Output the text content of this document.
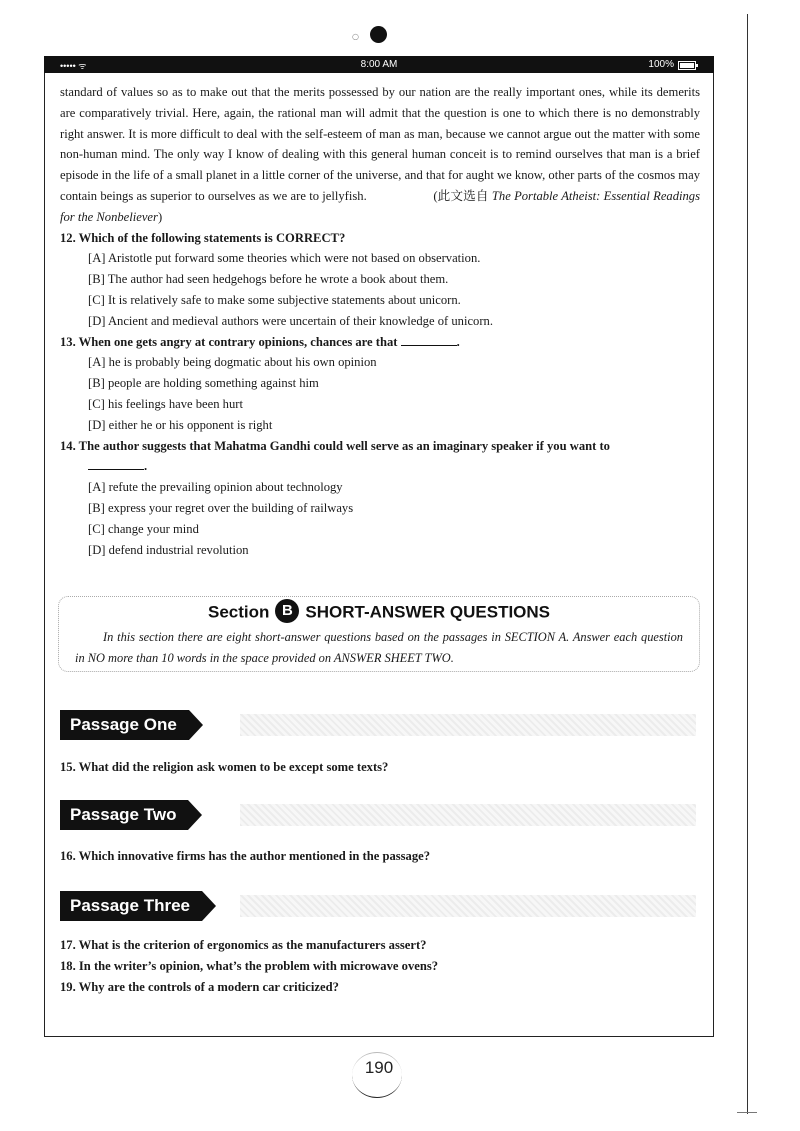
○
••••• ᯤ	8:00 AM	100%

standard of values so as to make out that the merits possessed by our nation are the really important ones, while its demerits are comparatively trivial. Here, again, the rational man will admit that the question is one to which there is no demonstrably right answer. It is more difficult to deal with the self-esteem of man as man, because we cannot argue out the matter with some non-human mind. The only way I know of dealing with this general human conceit is to remind ourselves that man is a brief episode in the life of a small planet in a little corner of the universe, and that for aught we know, other parts of the cosmos may contain beings as superior to ourselves as we are to jellyfish.	(此文选自 The Portable Atheist: Essential Readings for the Nonbeliever)

12. Which of the following statements is CORRECT?
[A] Aristotle put forward some theories which were not based on observation.
[B] The author had seen hedgehogs before he wrote a book about them.
[C] It is relatively safe to make some subjective statements about unicorn.
[D] Ancient and medieval authors were uncertain of their knowledge of unicorn.
13. When one gets angry at contrary opinions, chances are that	.
[A] he is probably being dogmatic about his own opinion
[B] people are holding something against him
[C] his feelings have been hurt
[D] either he or his opponent is right
14. The author suggests that Mahatma Gandhi could well serve as an imaginary speaker if you want to
.
[A] refute the prevailing opinion about technology
[B] express your regret over the building of railways
[C] change your mind
[D] defend industrial revolution
Section B SHORT-ANSWER QUESTIONS
In this section there are eight short-answer questions based on the passages in SECTION A. Answer each question in NO more than 10 words in the space provided on ANSWER SHEET TWO.
Passage One
15. What did the religion ask women to be except some texts?
Passage Two
16. Which innovative firms has the author mentioned in the passage?
Passage Three
17. What is the criterion of ergonomics as the manufacturers assert?
18. In the writer’s opinion, what’s the problem with microwave ovens?
19. Why are the controls of a modern car criticized?
190
